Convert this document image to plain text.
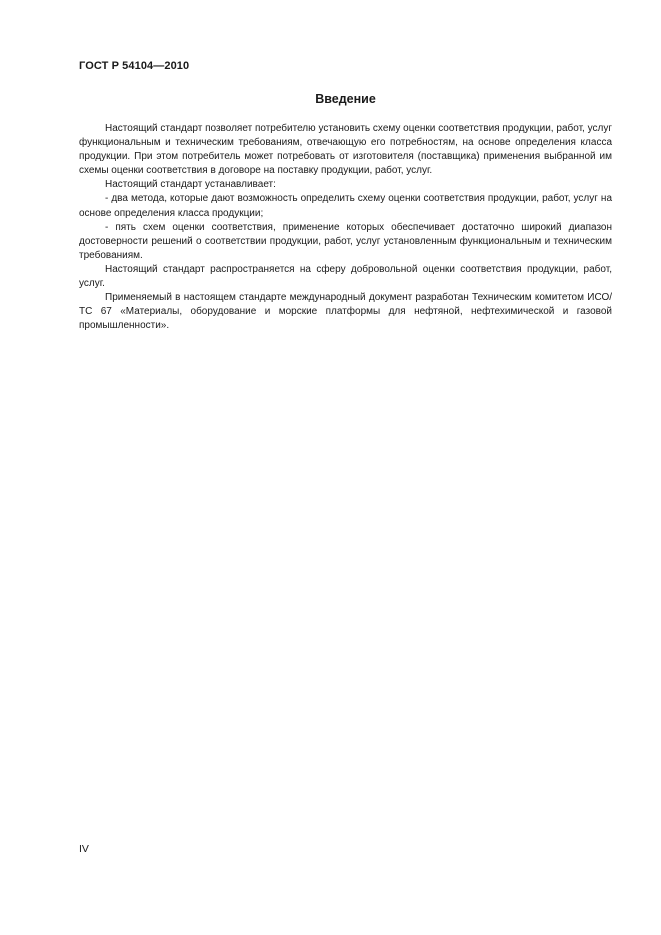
ГОСТ Р 54104—2010
Введение

Настоящий стандарт позволяет потребителю установить схему оценки соответствия продукции, работ, услуг функциональным и техническим требованиям, отвечающую его потребностям, на основе определения класса продукции. При этом потребитель может потребовать от изготовителя (поставщика) применения выбранной им схемы оценки соответствия в договоре на поставку продукции, работ, услуг.

Настоящий стандарт устанавливает:

- два метода, которые дают возможность определить схему оценки соответствия продукции, работ, услуг на основе определения класса продукции;

- пять схем оценки соответствия, применение которых обеспечивает достаточно широкий диапазон достоверности решений о соответствии продукции, работ, услуг установленным функциональным и техническим требованиям.

Настоящий стандарт распространяется на сферу добровольной оценки соответствия продукции, работ, услуг.

Применяемый в настоящем стандарте международный документ разработан Техническим комитетом ИСО/ТС 67 «Материалы, оборудование и морские платформы для нефтяной, нефтехимической и газовой промышленности».

IV
